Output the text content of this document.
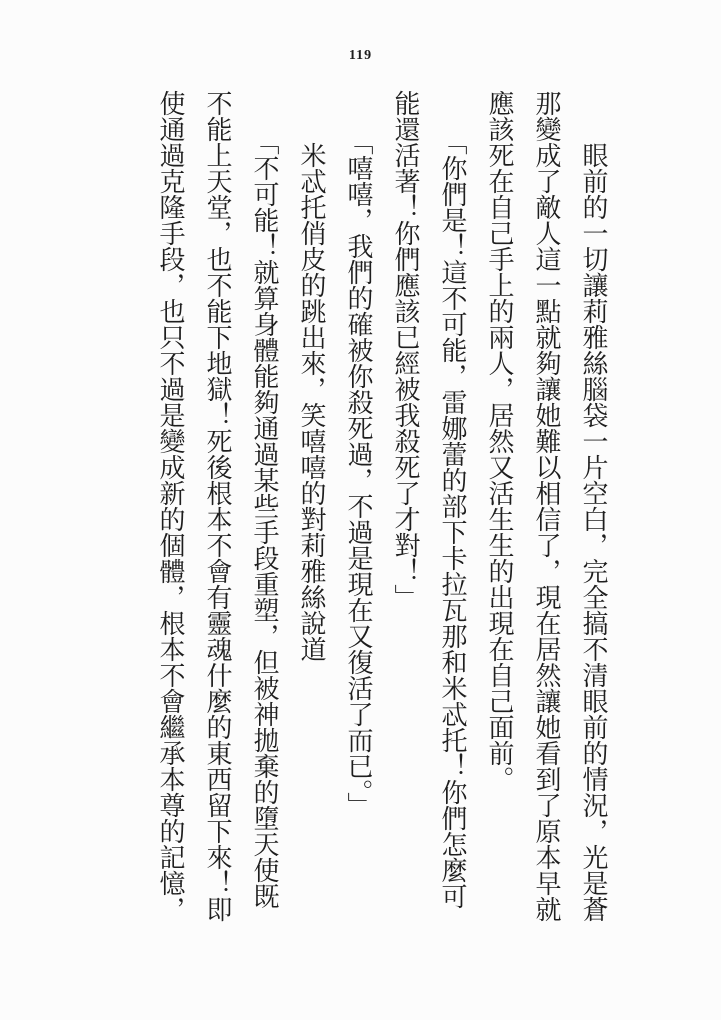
119

　　眼前的一切讓莉雅絲腦袋一片空白，完全搞不清眼前的情況，光是蒼
那變成了敵人這一點就夠讓她難以相信了，現在居然讓她看到了原本早就
應該死在自己手上的兩人，居然又活生生的出現在自己面前。

　　「你們是！這不可能，雷娜蕾的部下卡拉瓦那和米忒托！你們怎麼可
能還活著！你們應該已經被我殺死了才對！」

　　「嘻嘻，我們的確被你殺死過，不過是現在又復活了而已。」

　　米忒托俏皮的跳出來，笑嘻嘻的對莉雅絲說道

　　「不可能！就算身體能夠通過某些手段重塑，但被神拋棄的墮天使既
不能上天堂，也不能下地獄！死後根本不會有靈魂什麼的東西留下來！即
使通過克隆手段，也只不過是變成新的個體，根本不會繼承本尊的記憶，
